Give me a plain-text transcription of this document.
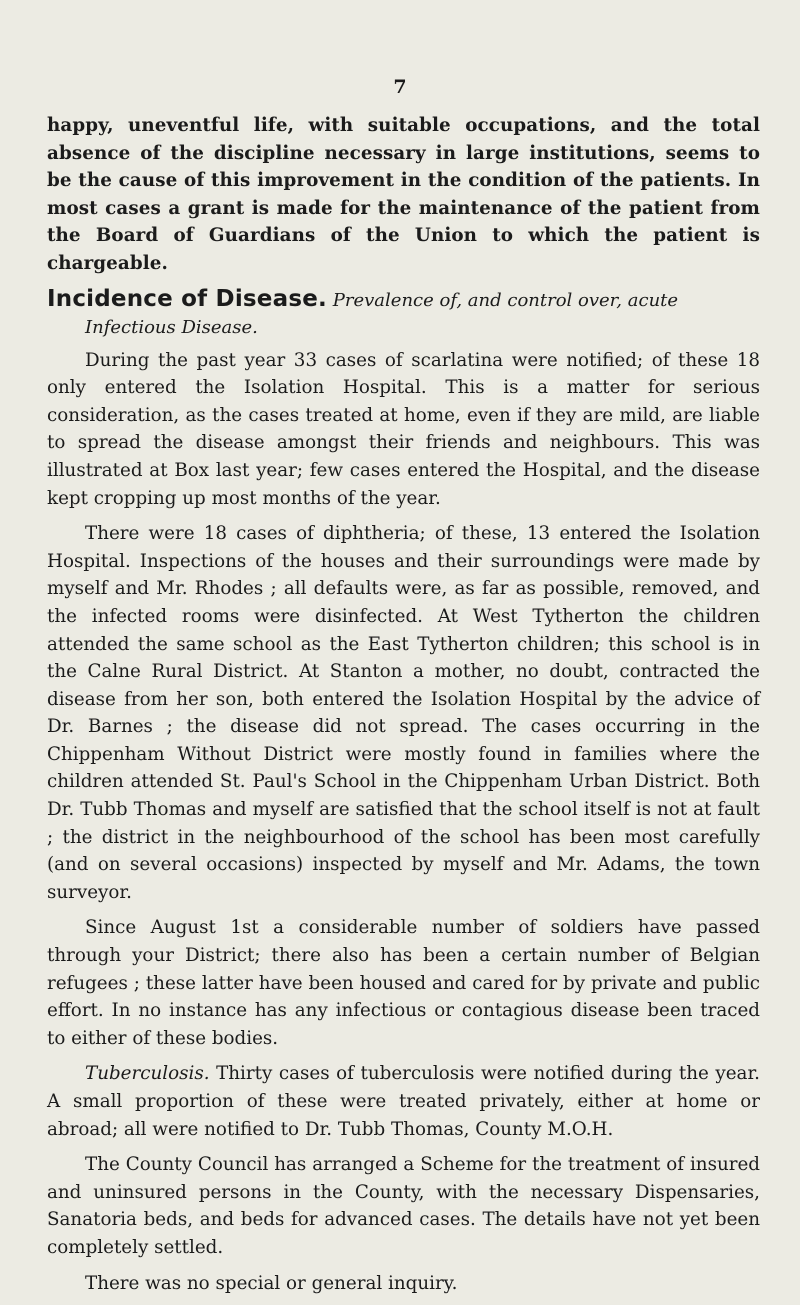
7

happy, uneventful life, with suitable occupations, and the total absence of the discipline necessary in large institutions, seems to be the cause of this improvement in the condition of the patients. In most cases a grant is made for the maintenance of the patient from the Board of Guardians of the Union to which the patient is chargeable.

Incidence of Disease. Prevalence of, and control over, acute
Infectious Disease.

During the past year 33 cases of scarlatina were notified; of these 18 only entered the Isolation Hospital. This is a matter for serious consideration, as the cases treated at home, even if they are mild, are liable to spread the disease amongst their friends and neighbours. This was illustrated at Box last year; few cases entered the Hospital, and the disease kept cropping up most months of the year.

There were 18 cases of diphtheria; of these, 13 entered the Isolation Hospital. Inspections of the houses and their surroundings were made by myself and Mr. Rhodes ; all defaults were, as far as possible, removed, and the infected rooms were disinfected. At West Tytherton the children attended the same school as the East Tytherton children; this school is in the Calne Rural District. At Stanton a mother, no doubt, contracted the disease from her son, both entered the Isolation Hospital by the advice of Dr. Barnes ; the disease did not spread. The cases occurring in the Chippenham Without District were mostly found in families where the children attended St. Paul's School in the Chippenham Urban District. Both Dr. Tubb Thomas and myself are satisfied that the school itself is not at fault ; the district in the neighbourhood of the school has been most carefully (and on several occasions) inspected by myself and Mr. Adams, the town surveyor.

Since August 1st a considerable number of soldiers have passed through your District; there also has been a certain number of Belgian refugees ; these latter have been housed and cared for by private and public effort. In no instance has any infectious or contagious disease been traced to either of these bodies.

Tuberculosis. Thirty cases of tuberculosis were notified during the year. A small proportion of these were treated privately, either at home or abroad; all were notified to Dr. Tubb Thomas, County M.O.H.

The County Council has arranged a Scheme for the treatment of insured and uninsured persons in the County, with the necessary Dispensaries, Sanatoria beds, and beds for advanced cases. The details have not yet been completely settled.

There was no special or general inquiry.
